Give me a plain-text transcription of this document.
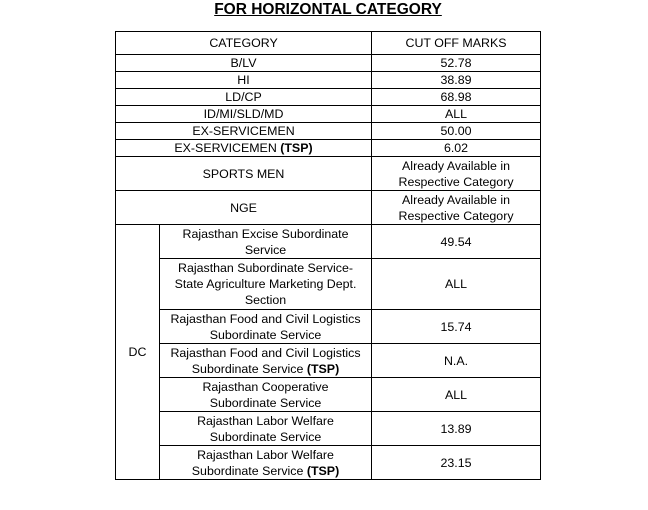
FOR HORIZONTAL CATEGORY
CATEGORY		CUT OFF MARKS
B/LV		52.78
HI		38.89
LD/CP		68.98
ID/MI/SLD/MD		ALL
EX-SERVICEMEN		50.00
EX-SERVICEMEN (TSP)		6.02
SPORTS MEN		Already Available in
Respective Category
NGE		Already Available in
Respective Category
DC	Rajasthan Excise Subordinate
Service	49.54
	Rajasthan Subordinate Service-
State Agriculture Marketing Dept.
Section	ALL
	Rajasthan Food and Civil Logistics
Subordinate Service	15.74
	Rajasthan Food and Civil Logistics
Subordinate Service (TSP)	N.A.
	Rajasthan Cooperative
Subordinate Service	ALL
	Rajasthan Labor Welfare
Subordinate Service	13.89
	Rajasthan Labor Welfare
Subordinate Service (TSP)	23.15
